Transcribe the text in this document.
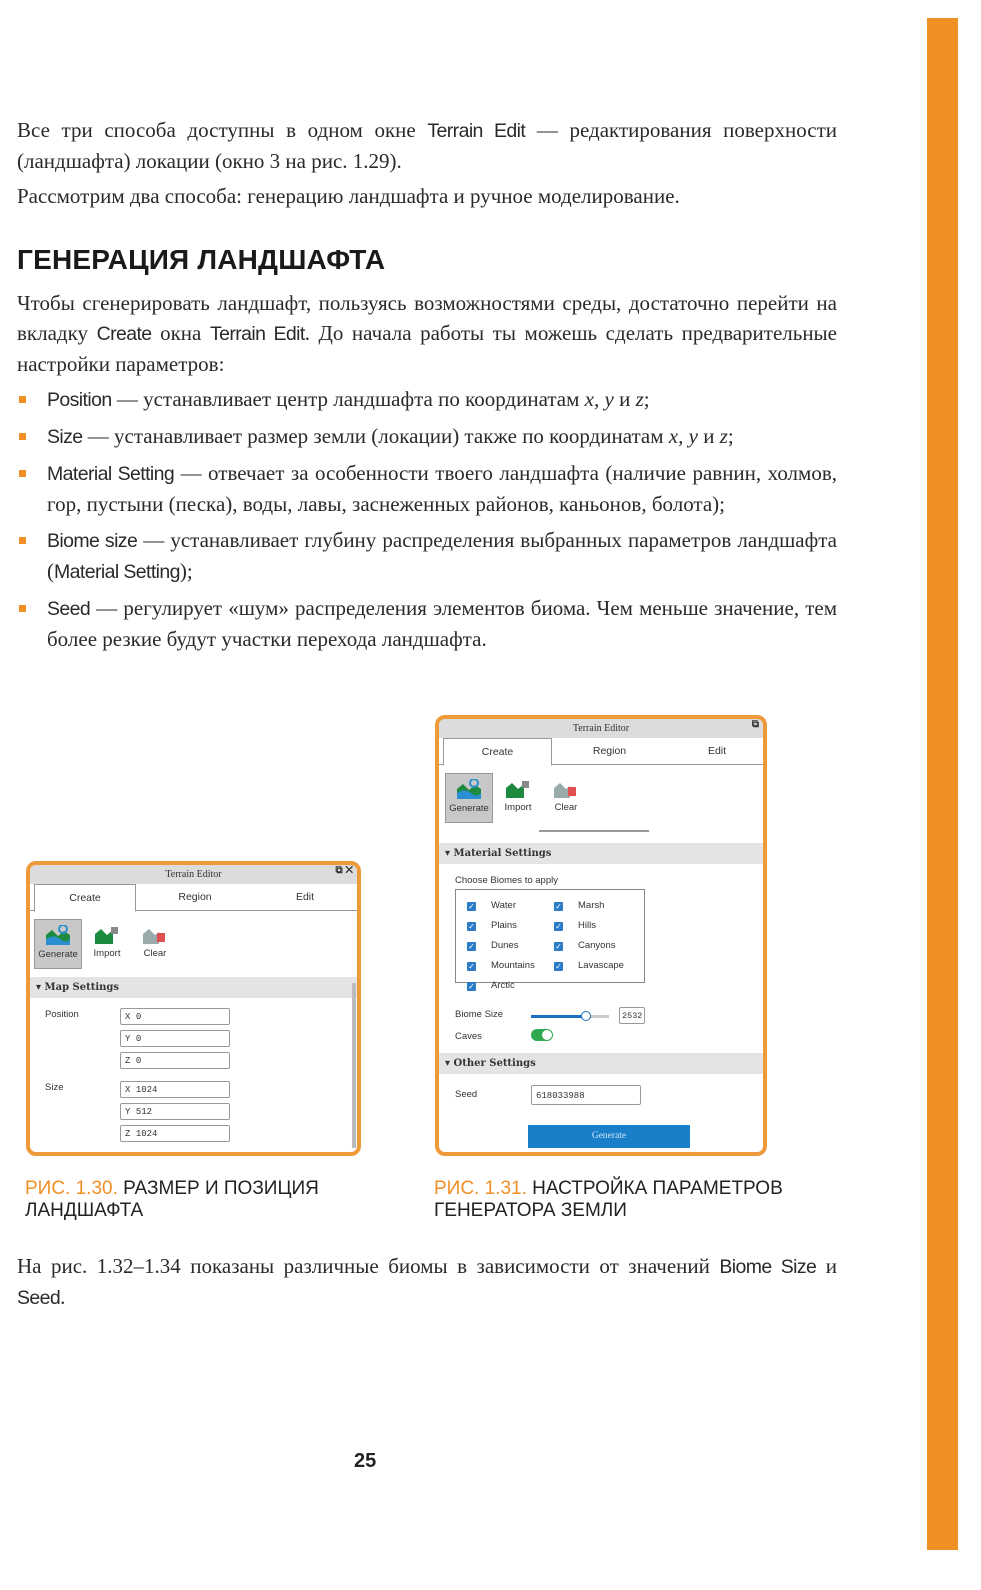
Все три способа доступны в одном окне Terrain Edit — редактирования поверхности (ландшафта) локации (окно 3 на рис. 1.29).
Рассмотрим два способа: генерацию ландшафта и ручное моделирование.
ГЕНЕРАЦИЯ ЛАНДШАФТА
Чтобы сгенерировать ландшафт, пользуясь возможностями среды, достаточно перейти на вкладку Create окна Terrain Edit. До начала работы ты можешь сделать предварительные настройки параметров:
Position — устанавливает центр ландшафта по координатам x, y и z;
Size — устанавливает размер земли (локации) также по координатам x, y и z;
Material Setting — отвечает за особенности твоего ландшафта (наличие равнин, холмов, гор, пустыни (песка), воды, лавы, заснеженных районов, каньонов, болота);
Biome size — устанавливает глубину распределения выбранных параметров ландшафта (Material Setting);
Seed — регулирует «шум» распределения элементов биома. Чем меньше значение, тем более резкие будут участки перехода ландшафта.
Terrain Editor	⧉ ✕
Create	Region	Edit
Generate	Import	Clear
▾ Map Settings
Position	X 0
Y 0
Z 0
Size	X 1024
Y 512
Z 1024
РИС. 1.30. РАЗМЕР И ПОЗИЦИЯ ЛАНДШАФТА
Terrain Editor	⧉
Create	Region	Edit
Generate	Import	Clear
▾ Material Settings
Choose Biomes to apply
Biome Size	2532
Caves
▾ Other Settings
Seed	618033988
Generate
✓ Water	✓ Marsh
✓ Plains	✓ Hills
✓ Dunes	✓ Canyons
✓ Mountains	✓ Lavascape
✓ Arctic
РИС. 1.31. НАСТРОЙКА ПАРАМЕТРОВ ГЕНЕРАТОРА ЗЕМЛИ
На рис. 1.32–1.34 показаны различные биомы в зависимости от значений Biome Size и Seed.
25
